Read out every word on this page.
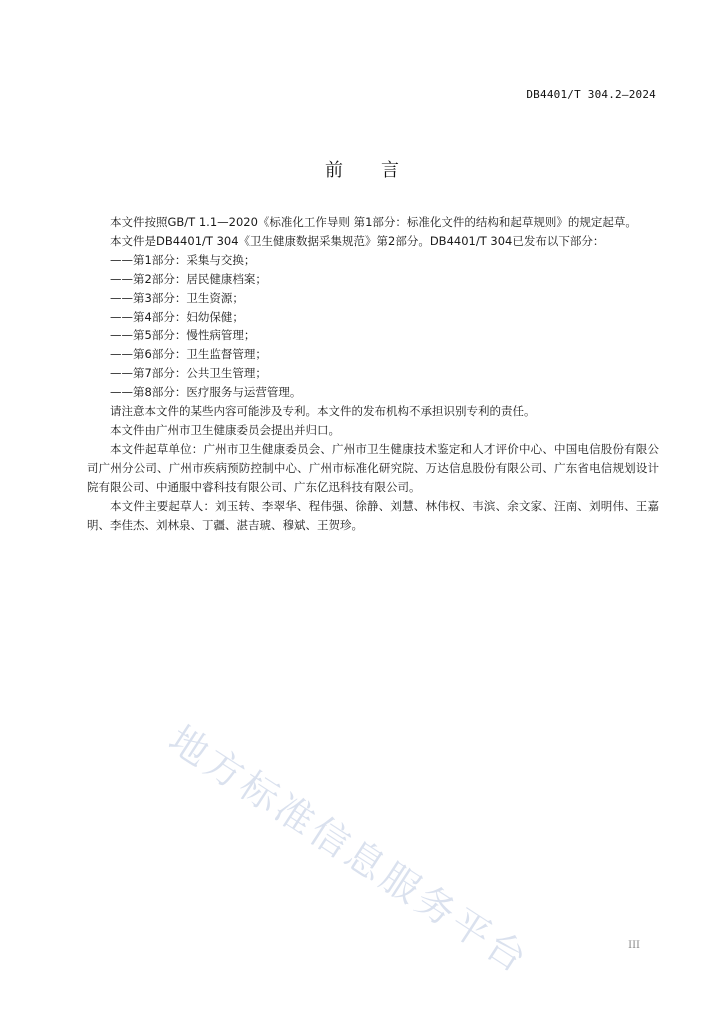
DB4401/T 304.2—2024
前言

本文件按照GB/T 1.1—2020《标准化工作导则 第1部分：标准化文件的结构和起草规则》的规定起草。

本文件是DB4401/T 304《卫生健康数据采集规范》第2部分。DB4401/T 304已发布以下部分：

——第1部分：采集与交换；

——第2部分：居民健康档案；

——第3部分：卫生资源；

——第4部分：妇幼保健；

——第5部分：慢性病管理；

——第6部分：卫生监督管理；

——第7部分：公共卫生管理；

——第8部分：医疗服务与运营管理。

请注意本文件的某些内容可能涉及专利。本文件的发布机构不承担识别专利的责任。

本文件由广州市卫生健康委员会提出并归口。

本文件起草单位：广州市卫生健康委员会、广州市卫生健康技术鉴定和人才评价中心、中国电信股份有限公司广州分公司、广州市疾病预防控制中心、广州市标准化研究院、万达信息股份有限公司、广东省电信规划设计院有限公司、中通服中睿科技有限公司、广东亿迅科技有限公司。

本文件主要起草人：刘玉转、李翠华、程伟强、徐静、刘慧、林伟权、韦滨、余文家、汪南、刘明伟、王嘉明、李佳杰、刘林泉、丁疆、湛吉琥、穆斌、王贺珍。

地方标准信息服务平台	III
